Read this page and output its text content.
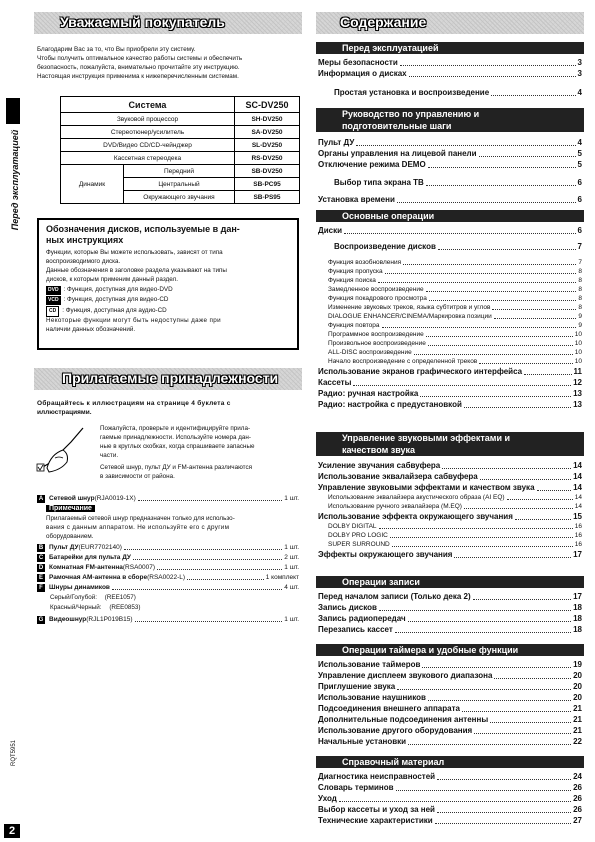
Уважаемый покупатель
Благодарим Вас за то, что Вы приобрели эту систему.
Чтобы получить оптимальное качество работы системы и обеспечить
безопасность, пожалуйста, внимательно прочитайте эту инструкцию.
Настоящая инструкция применима к нижеперечисленным системам.
Перед эксплуатацией
RQT5951
2
Система		SC-DV250
Звуковой процессор		SH-DV250
Стереотюнер/усилитель		SA-DV250
DVD/Видео CD/CD-чейнджер		SL-DV250
Кассетная стереодека		RS-DV250
Динамик	Передний	SB-DV250
	Центральный	SB-PC95
	Окружающего звучания	SB-PS95
Обозначения дисков, используемые в дан-
ных инструкциях
Функции, которые Вы можете использовать, зависят от типа
воспроизводимого диска.
Данные обозначения в заголовке раздела указывают на типы
дисков, к которым применим данный раздел.
DVD : Функция, доступная для видео-DVD
VCD : Функция, доступная для видео-CD
CD : Функция, доступная для аудио-CD
Некоторые функции могут быть недоступны даже при
наличии данных обозначений.
Прилагаемые принадлежности
Обращайтесь к иллюстрациям на странице 4 буклета с
иллюстрациями.
Пожалуйста, проверьте и идентифицируйте прила-
гаемые принадлежности. Используйте номера дан-
ные в круглых скобках, когда спрашиваете запасные
части.
Сетевой шнур, пульт ДУ и FM-антенна различаются
в зависимости от района.
A Сетевой шнур (RJA0019-1X)	1 шт.
Примечание
Прилагаемый сетевой шнур предназначен только для использо-
вания с данным аппаратом. Не используйте его с другим
оборудованием.
B Пульт ДУ (EUR7702140)	1 шт.
C Батарейки для пульта ДУ	2 шт.
D Комнатная FM-антенна (RSA0007)	1 шт.
E Рамочная AM-антенна в сборе (RSA0022-L)	1 комплект
F Шнуры динамиков	4 шт.
Серый/Голубой: (REE1057)
Красный/Черный: (REE0853)
G Видеошнур (RJL1P019B15)	1 шт.
Содержание
Перед эксплуатацией
Руководство по управлению и
подготовительные шаги
Основные операции
Управление звуковыми эффектами и
качеством звука
Операции записи
Операции таймера и удобные функции
Справочный материал
Меры безопасности	3
Информация о дисках	3
Простая установка и воспроизведение	4
Пульт ДУ	4
Органы управления на лицевой панели	5
Отключение режима DEMO	5
Выбор типа экрана ТВ	6
Установка времени	6
Диски	6
Воспроизведение дисков	7
Функция возобновления	7
Функция пропуска	8
Функция поиска	8
Замедленное воспроизведение	8
Функция покадрового просмотра	8
Изменение звуковых треков, языка субтитров и углов	8
DIALOGUE ENHANCER/CINEMA/Маркировка позиции	9
Функция повтора	9
Программное воспроизведение	10
Произвольное воспроизведение	10
ALL-DISC воспроизведение	10
Начало воспроизведение с определенной треков	10
Использование экранов графического интерфейса	11
Кассеты	12
Радио: ручная настройка	13
Радио: настройка с предустановкой	13
Усиление звучания сабвуфера	14
Использование эквалайзера сабвуфера	14
Управление звуковыми эффектами и качеством звука	14
Использование эквалайзера акустического образа (AI EQ)	14
Использование ручного эквалайзера (M.EQ)	14
Использование эффекта окружающего звучания	15
DOLBY DIGITAL	16
DOLBY PRO LOGIC	16
SUPER SURROUND	16
Эффекты окружающего звучания	17
Перед началом записи (Только дека 2)	17
Запись дисков	18
Запись радиопередач	18
Перезапись кассет	18
Использование таймеров	19
Управление дисплеем звукового диапазона	20
Приглушение звука	20
Использование наушников	20
Подсоединения внешнего аппарата	21
Дополнительные подсоединения антенны	21
Использование другого оборудования	21
Начальные установки	22
Диагностика неисправностей	24
Словарь терминов	26
Уход	26
Выбор кассеты и уход за ней	26
Технические характеристики	27
